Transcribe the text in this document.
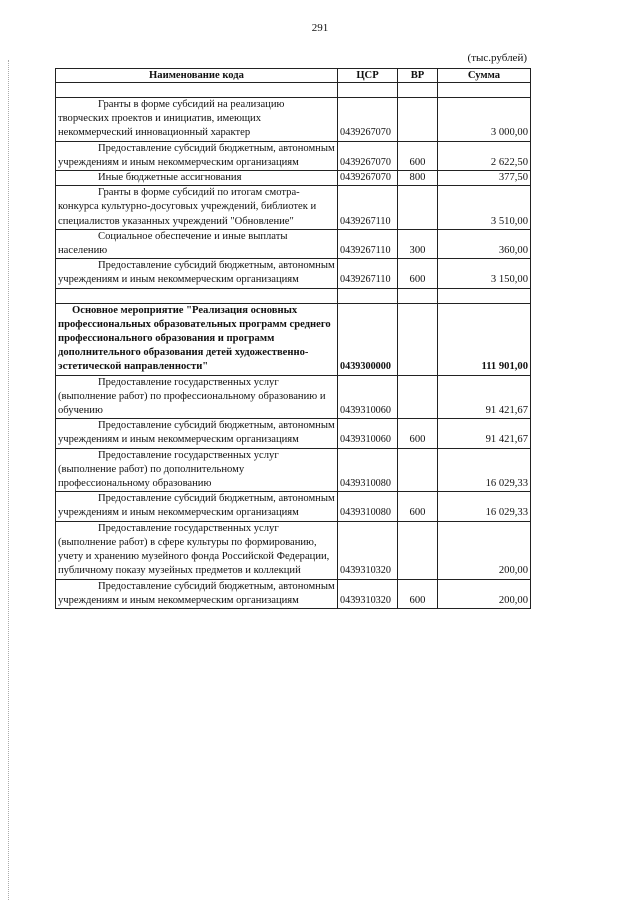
291
(тыс.рублей)
Наименование кода	ЦСР	ВР	Сумма

Гранты в форме субсидий на реализацию творческих проектов и инициатив, имеющих некоммерческий инновационный характер	0439267070		3 000,00
Предоставление субсидий бюджетным, автономным учреждениям и иным некоммерческим организациям	0439267070	600	2 622,50
Иные бюджетные ассигнования	0439267070	800	377,50
Гранты в форме субсидий по итогам смотра-конкурса культурно-досуговых учреждений, библиотек и специалистов указанных учреждений "Обновление"	0439267110		3 510,00
Социальное обеспечение и иные выплаты населению	0439267110	300	360,00
Предоставление субсидий бюджетным, автономным учреждениям и иным некоммерческим организациям	0439267110	600	3 150,00

Основное мероприятие "Реализация основных профессиональных образовательных программ среднего профессионального образования и программ дополнительного образования детей художественно-эстетической направленности"	0439300000		111 901,00
Предоставление государственных услуг (выполнение работ) по профессиональному образованию и обучению	0439310060		91 421,67
Предоставление субсидий бюджетным, автономным учреждениям и иным некоммерческим организациям	0439310060	600	91 421,67
Предоставление государственных услуг (выполнение работ) по дополнительному профессиональному образованию	0439310080		16 029,33
Предоставление субсидий бюджетным, автономным учреждениям и иным некоммерческим организациям	0439310080	600	16 029,33
Предоставление государственных услуг (выполнение работ) в сфере культуры по формированию, учету и хранению музейного фонда Российской Федерации, публичному показу музейных предметов и коллекций	0439310320		200,00
Предоставление субсидий бюджетным, автономным учреждениям и иным некоммерческим организациям	0439310320	600	200,00
